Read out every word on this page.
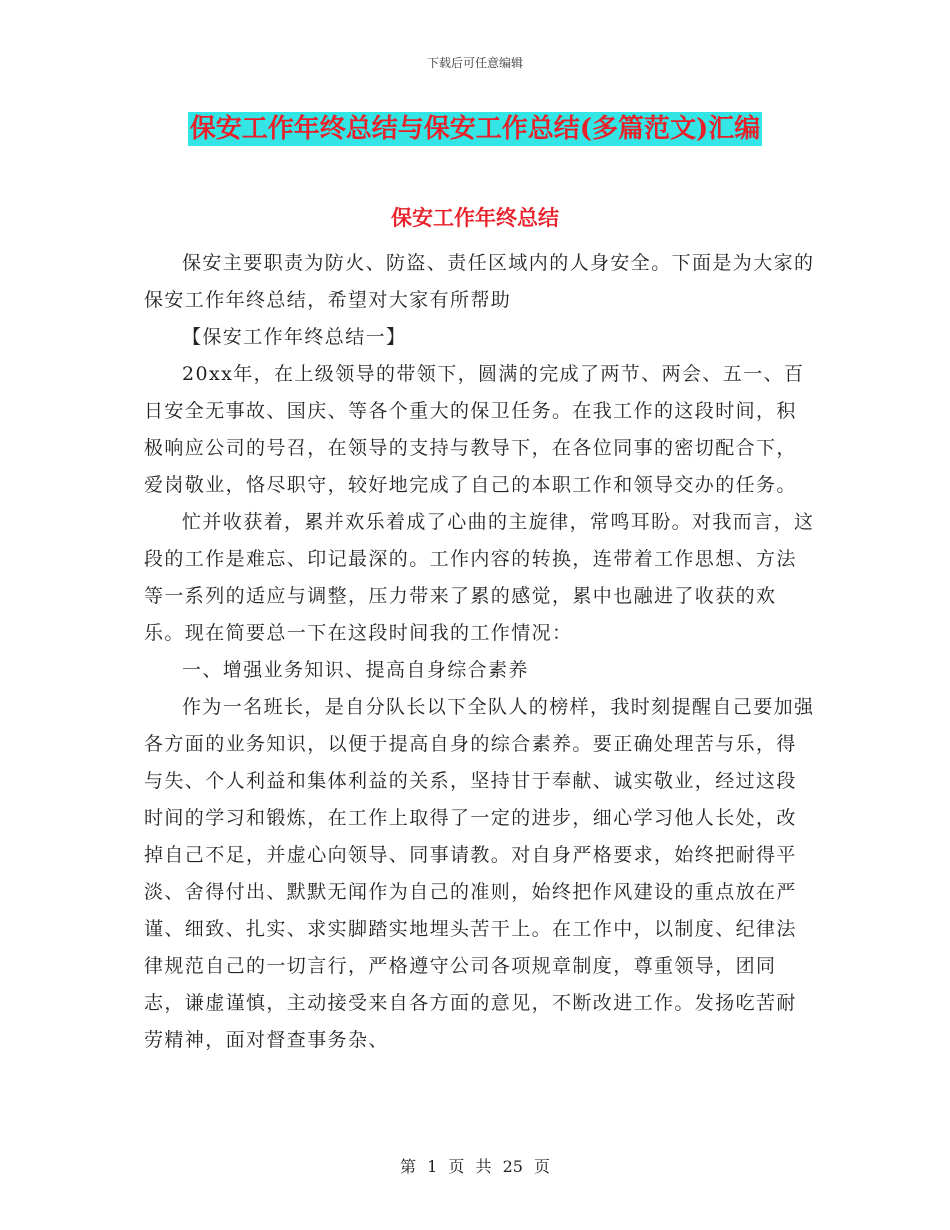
下载后可任意编辑
保安工作年终总结与保安工作总结(多篇范文)汇编
保安工作年终总结

保安主要职责为防火、防盗、责任区域内的人身安全。下面是为大家的保安工作年终总结，希望对大家有所帮助

【保安工作年终总结一】

20xx年，在上级领导的带领下，圆满的完成了两节、两会、五一、百日安全无事故、国庆、等各个重大的保卫任务。在我工作的这段时间，积极响应公司的号召，在领导的支持与教导下，在各位同事的密切配合下，爱岗敬业，恪尽职守，较好地完成了自己的本职工作和领导交办的任务。

忙并收获着，累并欢乐着成了心曲的主旋律，常鸣耳盼。对我而言，这段的工作是难忘、印记最深的。工作内容的转换，连带着工作思想、方法等一系列的适应与调整，压力带来了累的感觉，累中也融进了收获的欢乐。现在简要总一下在这段时间我的工作情况：

一、增强业务知识、提高自身综合素养

作为一名班长，是自分队长以下全队人的榜样，我时刻提醒自己要加强各方面的业务知识，以便于提高自身的综合素养。要正确处理苦与乐，得与失、个人利益和集体利益的关系，坚持甘于奉献、诚实敬业，经过这段时间的学习和锻炼，在工作上取得了一定的进步，细心学习他人长处，改掉自己不足，并虚心向领导、同事请教。对自身严格要求，始终把耐得平淡、舍得付出、默默无闻作为自己的准则，始终把作风建设的重点放在严谨、细致、扎实、求实脚踏实地埋头苦干上。在工作中，以制度、纪律法律规范自己的一切言行，严格遵守公司各项规章制度，尊重领导，团同志，谦虚谨慎，主动接受来自各方面的意见，不断改进工作。发扬吃苦耐劳精神，面对督查事务杂、

第 1 页 共 25 页
